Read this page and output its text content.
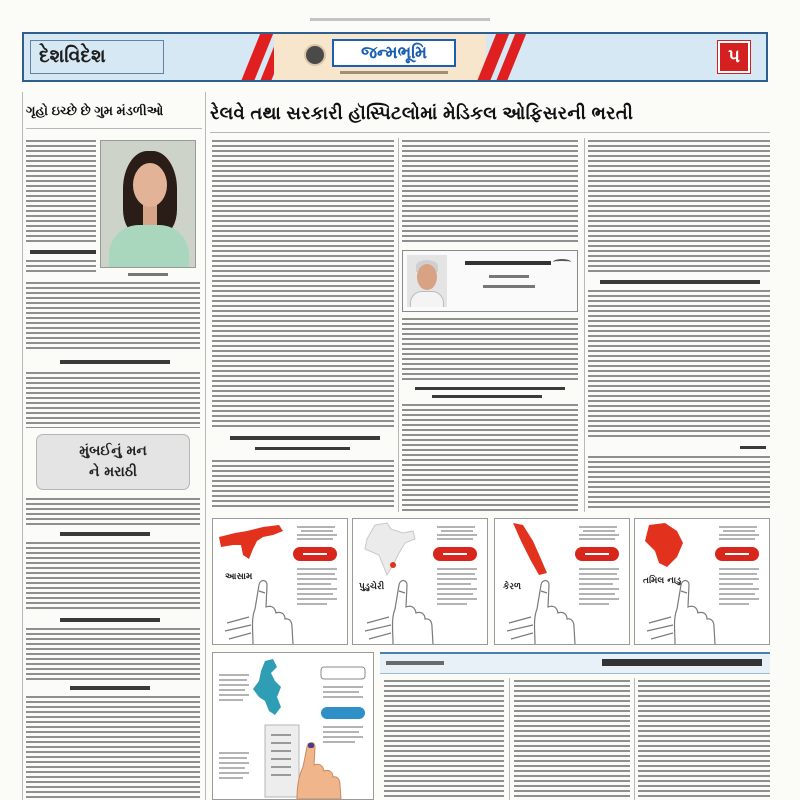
દેશવિદેશ	જન્મભૂમિ	૫
ગૃહો ઇચ્છે છે ગુમ મંડળીઓ
મુંબઈનું મન
ને મરાઠી
રેલવે તથા સરકારી હૉસ્પિટલોમાં મેડિકલ ઓફિસરની ભરતી
આસામ
પુડુચેરી	કેરળ
તમિલ નાડુ
